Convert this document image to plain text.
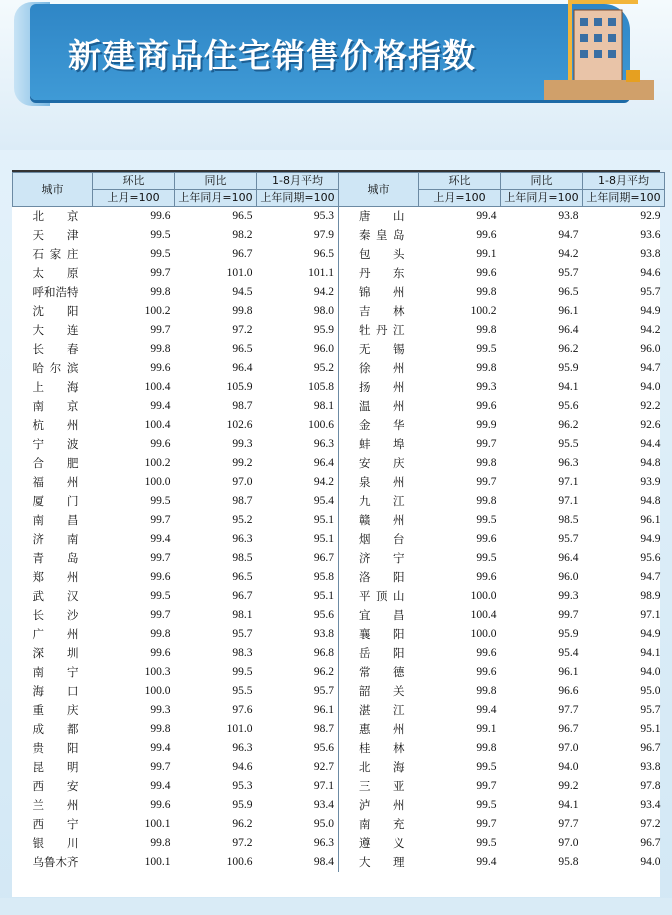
新建商品住宅销售价格指数
城市	环比	同比	1-8月平均	城市	环比	同比	1-8月平均
	上月=100	上年同月=100	上年同期=100		上月=100	上年同月=100	上年同期=100
北京	99.6	96.5	95.3	唐山	99.4	93.8	92.9
天津	99.5	98.2	97.9	秦皇岛	99.6	94.7	93.6
石家庄	99.5	96.7	96.5	包头	99.1	94.2	93.8
太原	99.7	101.0	101.1	丹东	99.6	95.7	94.6
呼和浩特	99.8	94.5	94.2	锦州	99.8	96.5	95.7
沈阳	100.2	99.8	98.0	吉林	100.2	96.1	94.9
大连	99.7	97.2	95.9	牡丹江	99.8	96.4	94.2
长春	99.8	96.5	96.0	无锡	99.5	96.2	96.0
哈尔滨	99.6	96.4	95.2	徐州	99.8	95.9	94.7
上海	100.4	105.9	105.8	扬州	99.3	94.1	94.0
南京	99.4	98.7	98.1	温州	99.6	95.6	92.2
杭州	100.4	102.6	100.6	金华	99.9	96.2	92.6
宁波	99.6	99.3	96.3	蚌埠	99.7	95.5	94.4
合肥	100.2	99.2	96.4	安庆	99.8	96.3	94.8
福州	100.0	97.0	94.2	泉州	99.7	97.1	93.9
厦门	99.5	98.7	95.4	九江	99.8	97.1	94.8
南昌	99.7	95.2	95.1	赣州	99.5	98.5	96.1
济南	99.4	96.3	95.1	烟台	99.6	95.7	94.9
青岛	99.7	98.5	96.7	济宁	99.5	96.4	95.6
郑州	99.6	96.5	95.8	洛阳	99.6	96.0	94.7
武汉	99.5	96.7	95.1	平顶山	100.0	99.3	98.9
长沙	99.7	98.1	95.6	宜昌	100.4	99.7	97.1
广州	99.8	95.7	93.8	襄阳	100.0	95.9	94.9
深圳	99.6	98.3	96.8	岳阳	99.6	95.4	94.1
南宁	100.3	99.5	96.2	常德	99.6	96.1	94.0
海口	100.0	95.5	95.7	韶关	99.8	96.6	95.0
重庆	99.3	97.6	96.1	湛江	99.4	97.7	95.7
成都	99.8	101.0	98.7	惠州	99.1	96.7	95.1
贵阳	99.4	96.3	95.6	桂林	99.8	97.0	96.7
昆明	99.7	94.6	92.7	北海	99.5	94.0	93.8
西安	99.4	95.3	97.1	三亚	99.7	99.2	97.8
兰州	99.6	95.9	93.4	泸州	99.5	94.1	93.4
西宁	100.1	96.2	95.0	南充	99.7	97.7	97.2
银川	99.8	97.2	96.3	遵义	99.5	97.0	96.7
乌鲁木齐	100.1	100.6	98.4	大理	99.4	95.8	94.0
